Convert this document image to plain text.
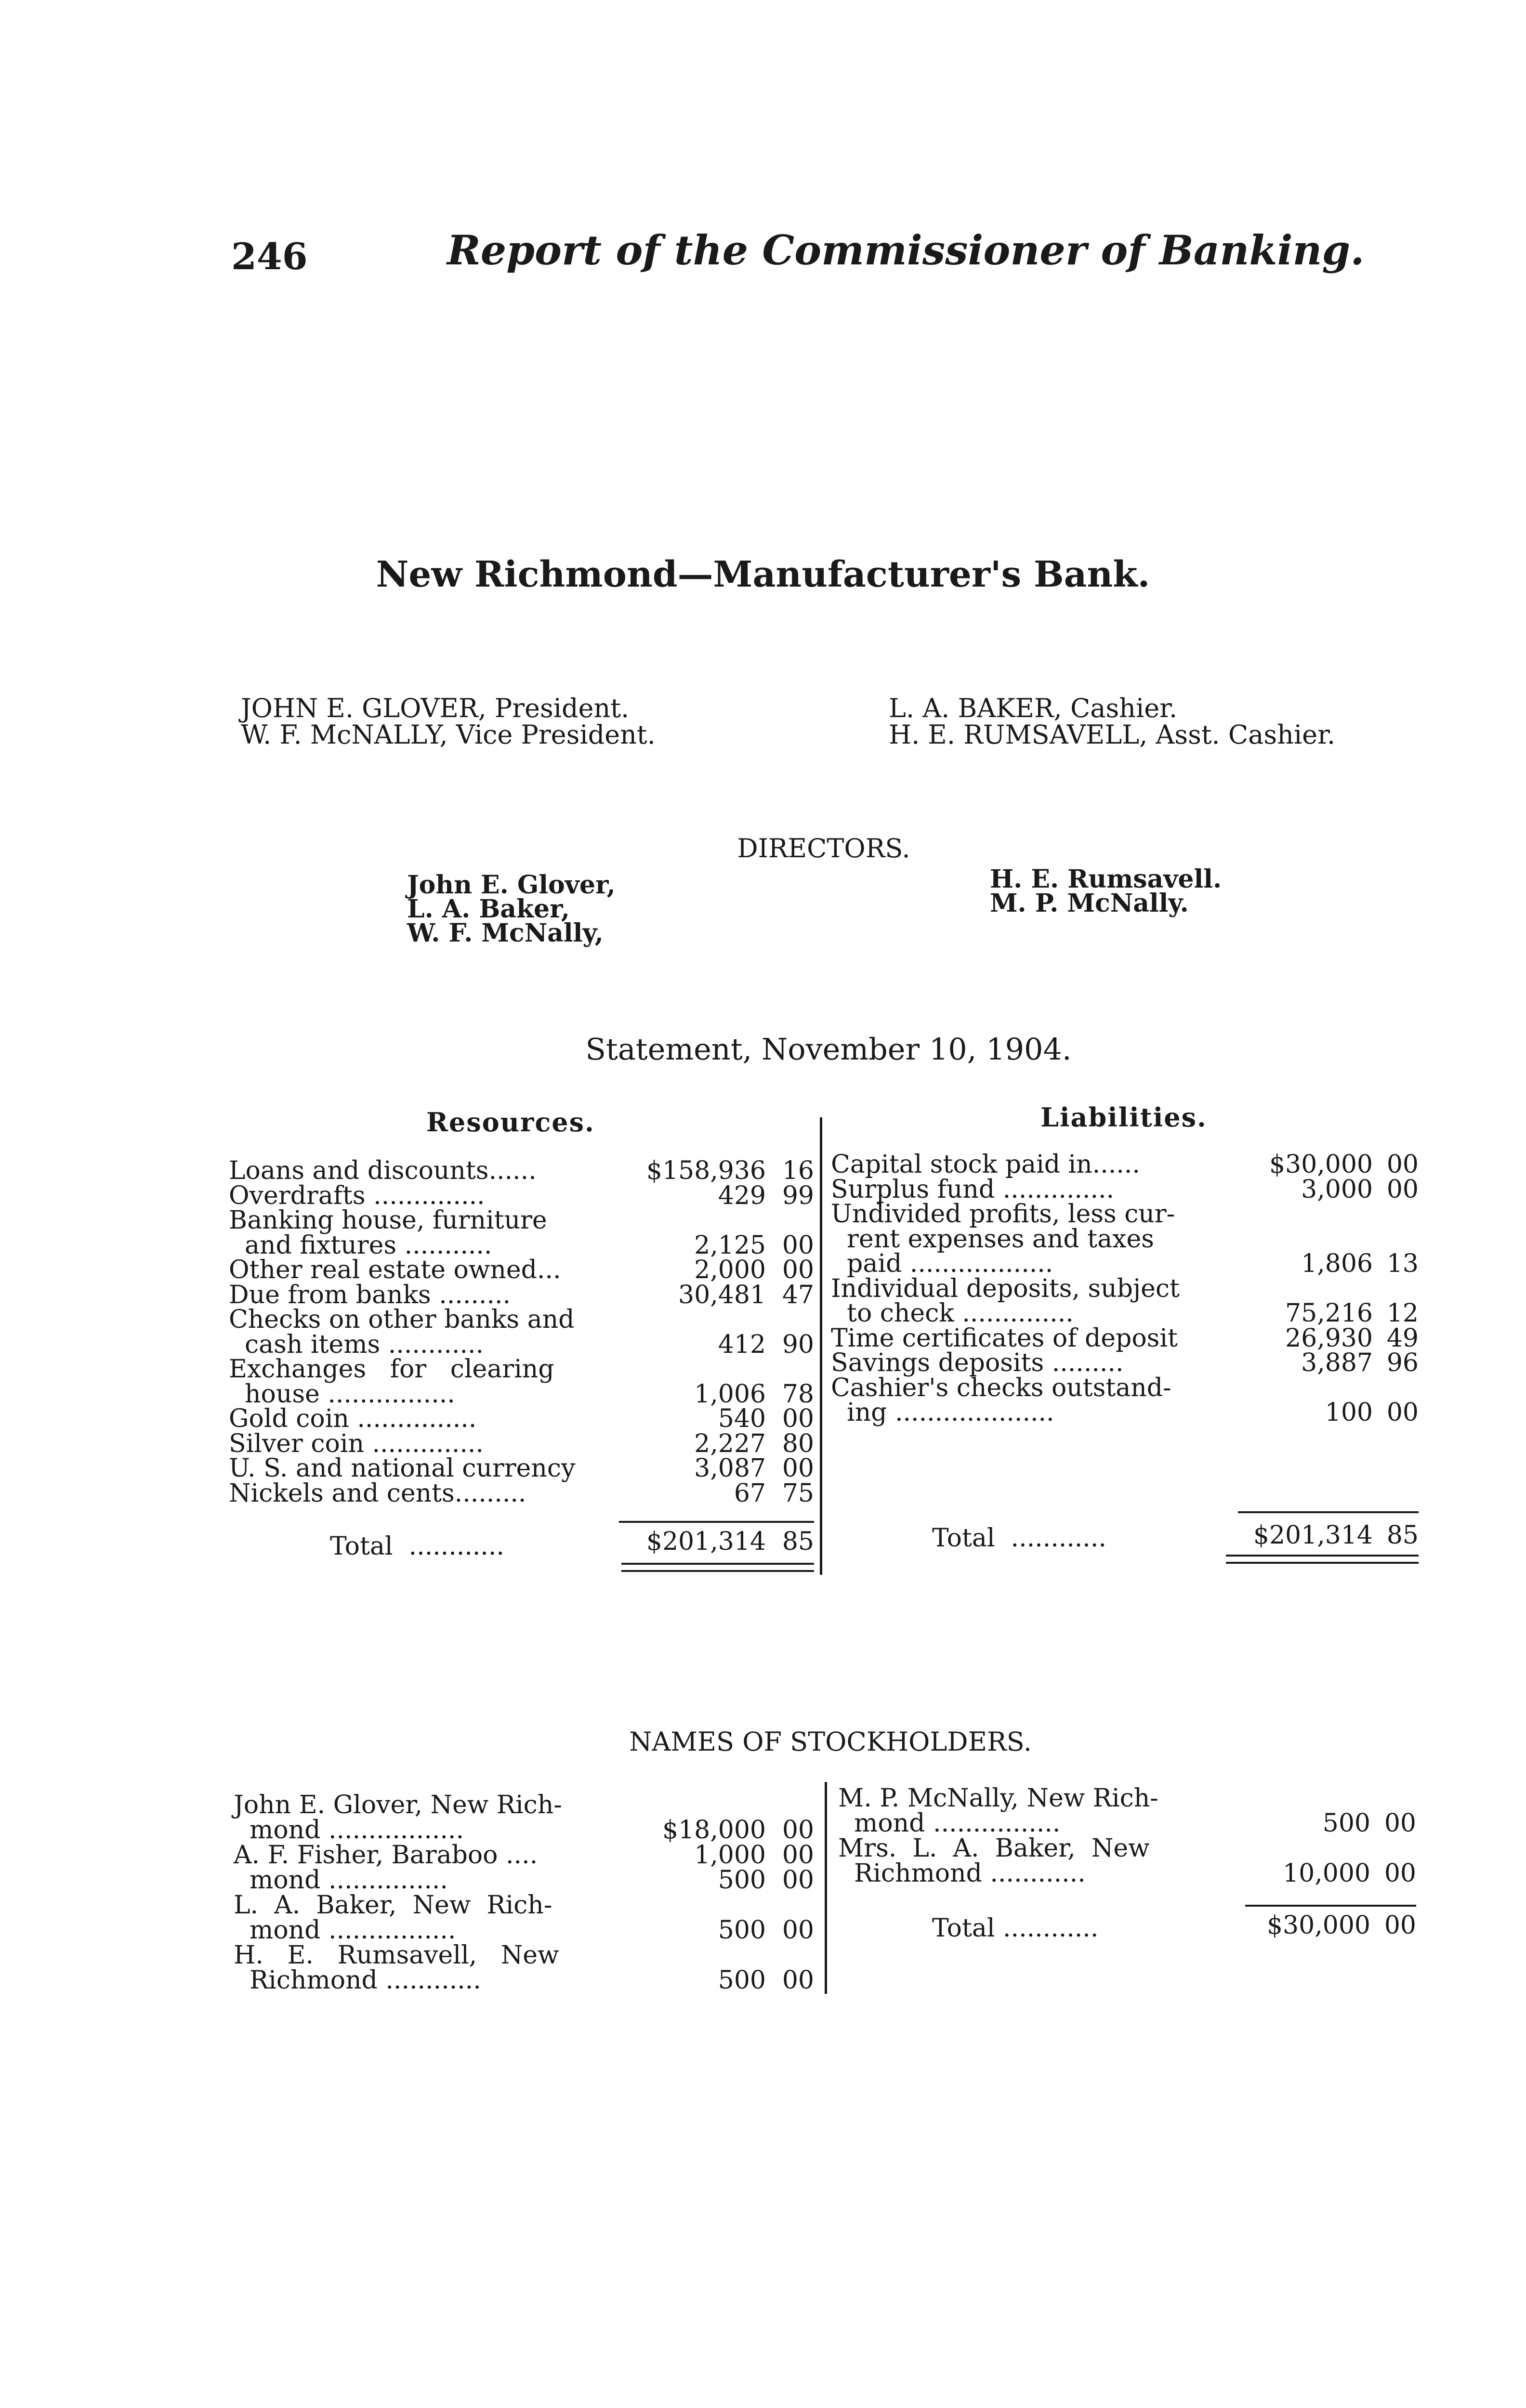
246	Report of the Commissioner of Banking.
New Richmond—Manufacturer's Bank.
JOHN E. GLOVER, President.
W. F. McNALLY, Vice President.
L. A. BAKER, Cashier.
H. E. RUMSAVELL, Asst. Cashier.
DIRECTORS.
John E. Glover,
L. A. Baker,
W. F. McNally,
H. E. Rumsavell.
M. P. McNally.
Statement, November 10, 1904.
Resources.	Liabilities.
Loans and discounts......	$158,936 16
Overdrafts ..............	429 99
Banking house, furniture
and fixtures ...........	2,125 00
Other real estate owned...	2,000 00
Due from banks .........	30,481 47
Checks on other banks and
cash items ............	412 90
Exchanges   for   clearing
house ................	1,006 78
Gold coin ...............	540 00
Silver coin ..............	2,227 80
U. S. and national currency	3,087 00
Nickels and cents.........	67 75
Capital stock paid in......	$30,000 00
Surplus fund ..............	3,000 00
Undivided profits, less cur-
rent expenses and taxes
paid ..................	1,806 13
Individual deposits, subject
to check ..............	75,216 12
Time certificates of deposit	26,930 49
Savings deposits .........	3,887 96
Cashier's checks outstand-
ing ....................	100 00
Total  ............	$201,314 85	Total  ............	$201,314 85
NAMES OF STOCKHOLDERS.
John E. Glover, New Rich-
mond .................	$18,000 00
A. F. Fisher, Baraboo ....	1,000 00
mond ...............	500 00
L.  A.  Baker,  New  Rich-
mond ................	500 00
H.   E.   Rumsavell,   New
Richmond ............	500 00
M. P. McNally, New Rich-
mond ................	500 00
Mrs.  L.  A.  Baker,  New
Richmond ............	10,000 00
Total ............	$30,000 00
